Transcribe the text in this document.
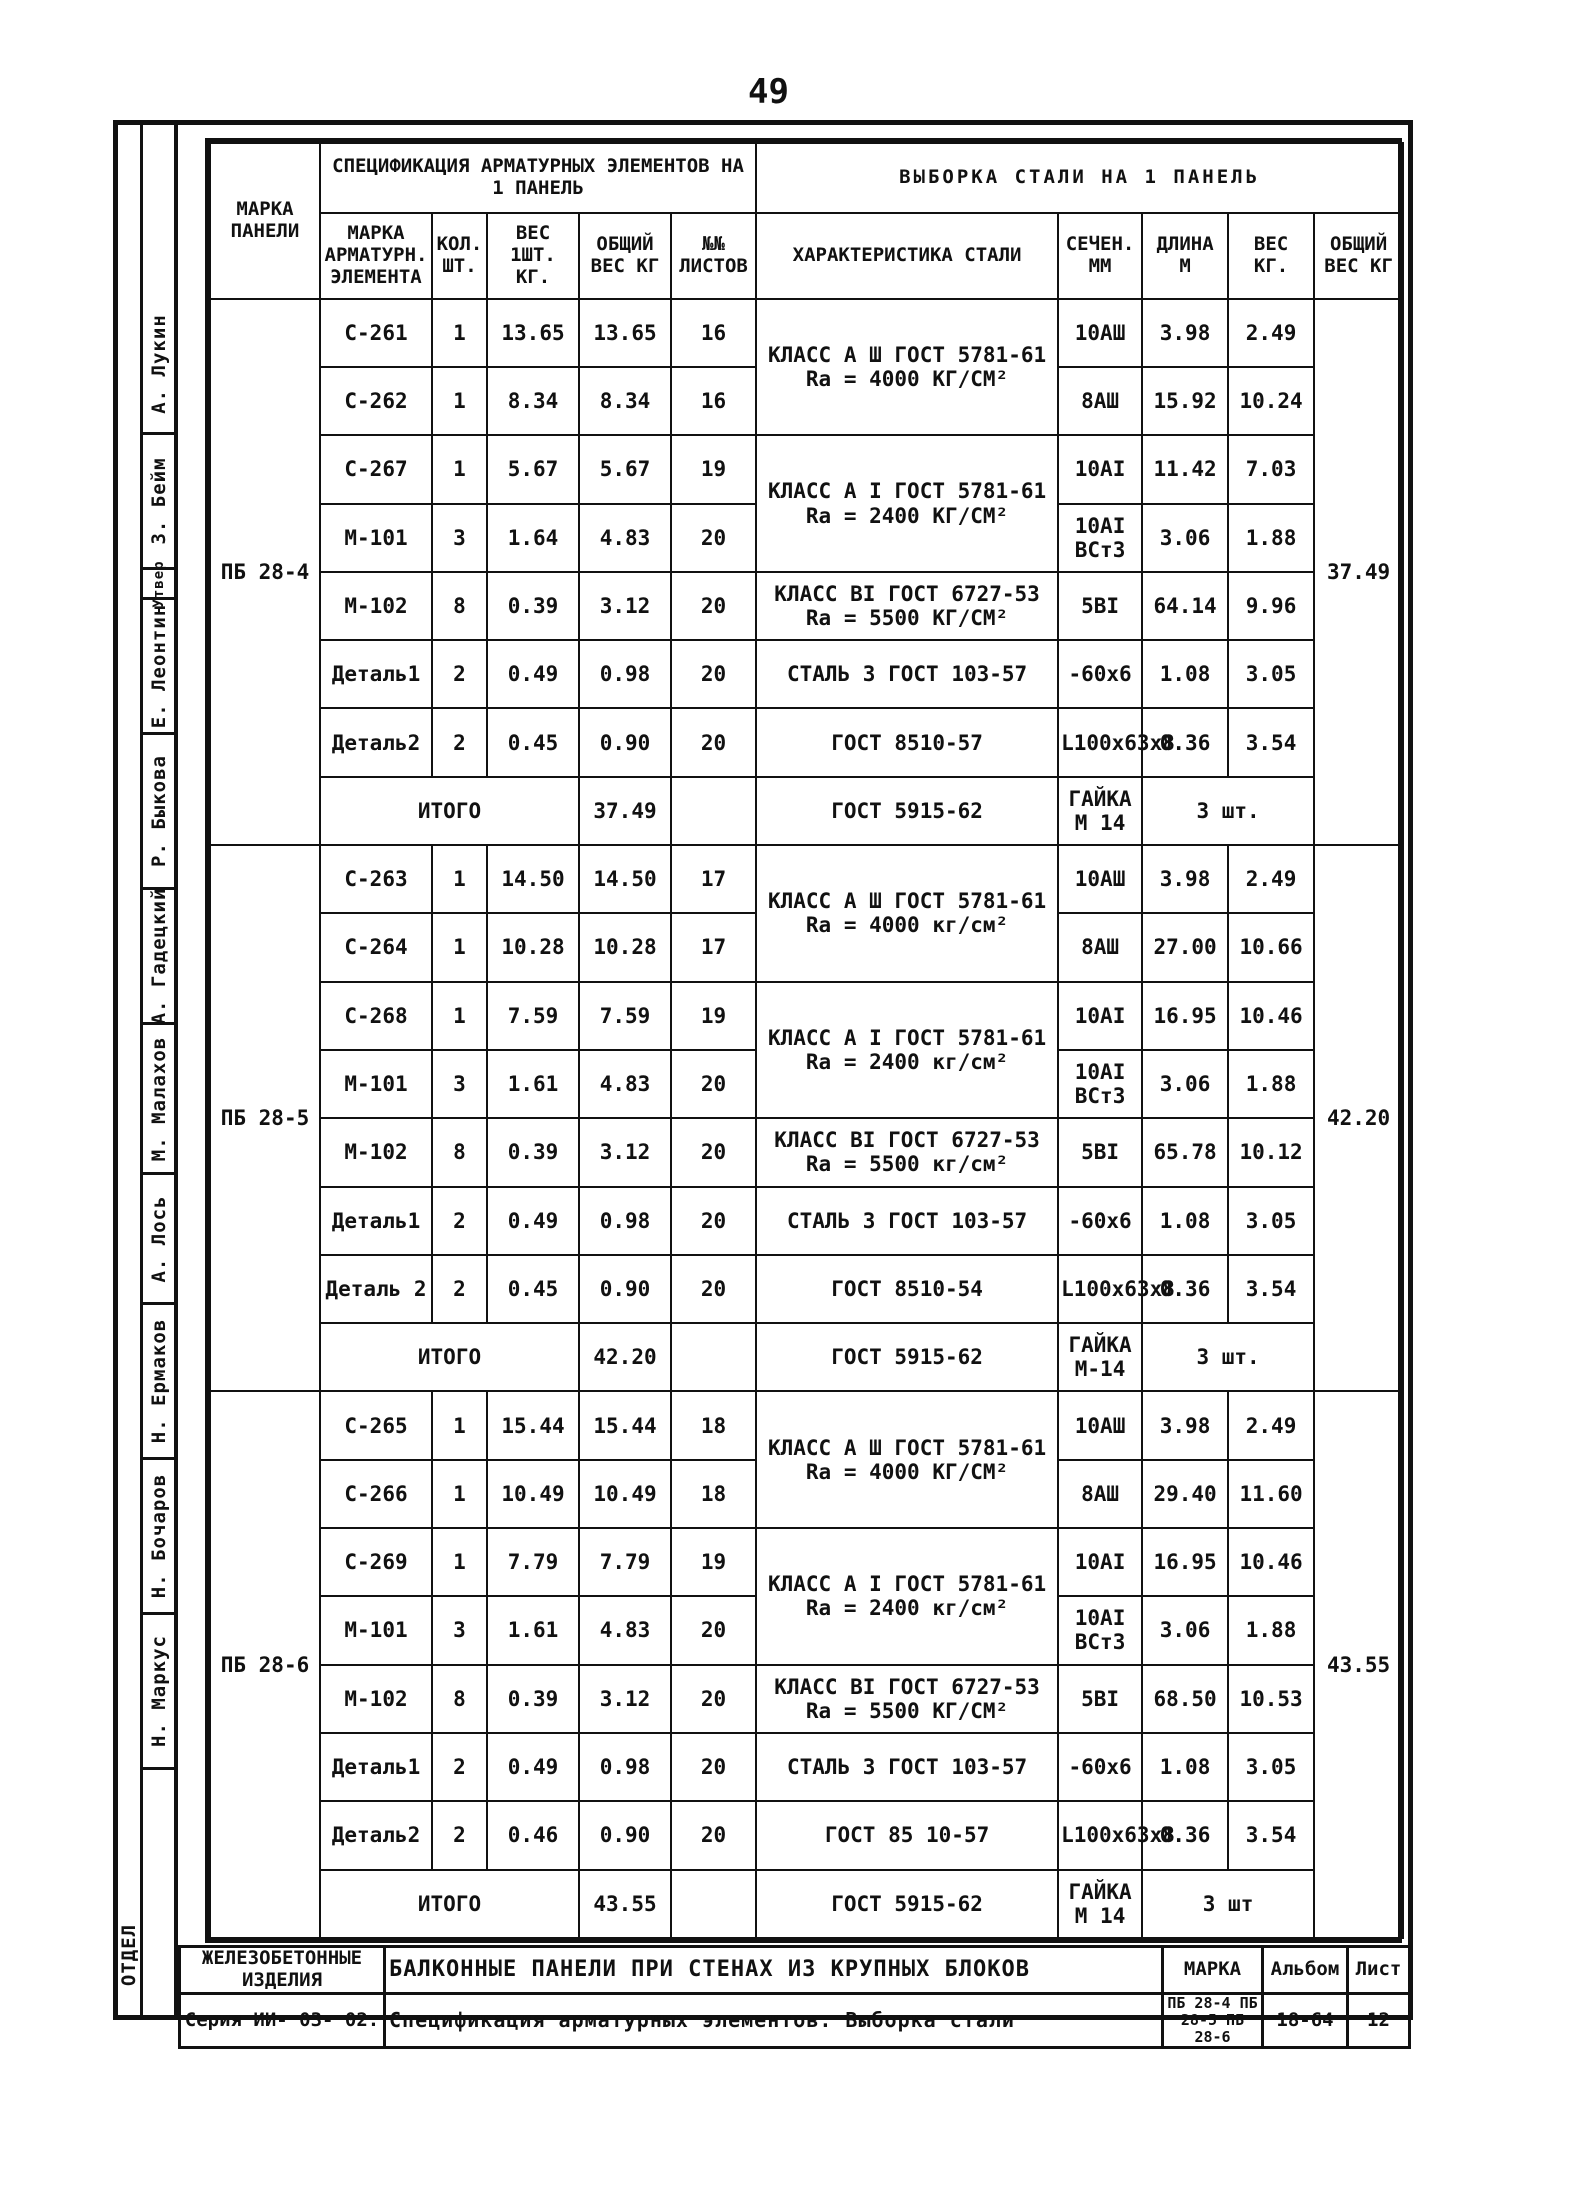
49
ОТДЕЛ
Н. Маркус
Н. Бочаров
Н. Ермаков
А. Лось
М. Малахов
А. Гадецкий
Р. Быкова
Е. Леонтин
Утвер
З. Бейм
А. Лукин
МАРКА ПАНЕЛИ	СПЕЦИФИКАЦИЯ АРМАТУРНЫХ ЭЛЕМЕНТОВ НА 1 ПАНЕЛЬ					ВЫБОРКА СТАЛИ НА 1 ПАНЕЛЬ				
	МАРКА АРМАТУРН. ЭЛЕМЕНТА	КОЛ. ШТ.	ВЕС 1ШТ. КГ.	ОБЩИЙ ВЕС КГ	№№ ЛИСТОВ	ХАРАКТЕРИСТИКА СТАЛИ	СЕЧЕН. ММ	ДЛИНА М	ВЕС КГ.	ОБЩИЙ ВЕС КГ
ПБ 28-4	С-261	1	13.65	13.65	16	КЛАСС А Ш ГОСТ 5781-61 Rа = 4000 КГ/СМ²	10АШ	3.98	2.49	37.49
	С-262	1	8.34	8.34	16		8АШ	15.92	10.24	
	С-267	1	5.67	5.67	19	КЛАСС А I ГОСТ 5781-61 Rа = 2400 КГ/СМ²	10АI	11.42	7.03	
	М-101	3	1.64	4.83	20		10АI ВСт3	3.06	1.88	
	М-102	8	0.39	3.12	20	КЛАСС ВI ГОСТ 6727-53 Rа = 5500 КГ/СМ²	5ВI	64.14	9.96	
	Деталь1	2	0.49	0.98	20	СТАЛЬ 3 ГОСТ 103-57	-60х6	1.08	3.05	
	Деталь2	2	0.45	0.90	20	ГОСТ 8510-57	L100х63х8	0.36	3.54	
	ИТОГО			37.49		ГОСТ 5915-62	ГАЙКА М 14	3 шт.		
ПБ 28-5	С-263	1	14.50	14.50	17	КЛАСС А Ш ГОСТ 5781-61 Rа = 4000 кг/см²	10АШ	3.98	2.49	42.20
	С-264	1	10.28	10.28	17		8АШ	27.00	10.66	
	С-268	1	7.59	7.59	19	КЛАСС А I ГОСТ 5781-61 Rа = 2400 кг/см²	10АI	16.95	10.46	
	М-101	3	1.61	4.83	20		10АI ВСт3	3.06	1.88	
	М-102	8	0.39	3.12	20	КЛАСС ВI ГОСТ 6727-53 Rа = 5500 кг/см²	5ВI	65.78	10.12	
	Деталь1	2	0.49	0.98	20	СТАЛЬ 3 ГОСТ 103-57	-60х6	1.08	3.05	
	Деталь 2	2	0.45	0.90	20	ГОСТ 8510-54	L100х63х8	0.36	3.54	
	ИТОГО			42.20		ГОСТ 5915-62	ГАЙКА М-14	3 шт.		
ПБ 28-6	С-265	1	15.44	15.44	18	КЛАСС А Ш ГОСТ 5781-61 Rа = 4000 КГ/СМ²	10АШ	3.98	2.49	43.55
	С-266	1	10.49	10.49	18		8АШ	29.40	11.60	
	С-269	1	7.79	7.79	19	КЛАСС А I ГОСТ 5781-61 Rа = 2400 кг/см²	10АI	16.95	10.46	
	М-101	3	1.61	4.83	20		10АI ВСт3	3.06	1.88	
	М-102	8	0.39	3.12	20	КЛАСС ВI ГОСТ 6727-53 Rа = 5500 КГ/СМ²	5ВI	68.50	10.53	
	Деталь1	2	0.49	0.98	20	СТАЛЬ 3 ГОСТ 103-57	-60х6	1.08	3.05	
	Деталь2	2	0.46	0.90	20	ГОСТ 85 10-57	L100х63х8	0.36	3.54	
	ИТОГО			43.55		ГОСТ 5915-62	ГАЙКА М 14	3 шт		
ЖЕЛЕЗОБЕТОННЫЕ ИЗДЕЛИЯ	БАЛКОННЫЕ ПАНЕЛИ ПРИ СТЕНАХ ИЗ КРУПНЫХ БЛОКОВ	МАРКА	Альбом	Лист
Серия ИИ- 03- 02.	Спецификация арматурных элементов. Выборка стали	ПБ 28-4 ПБ 28-5 ПБ 28-6	18-64	12
